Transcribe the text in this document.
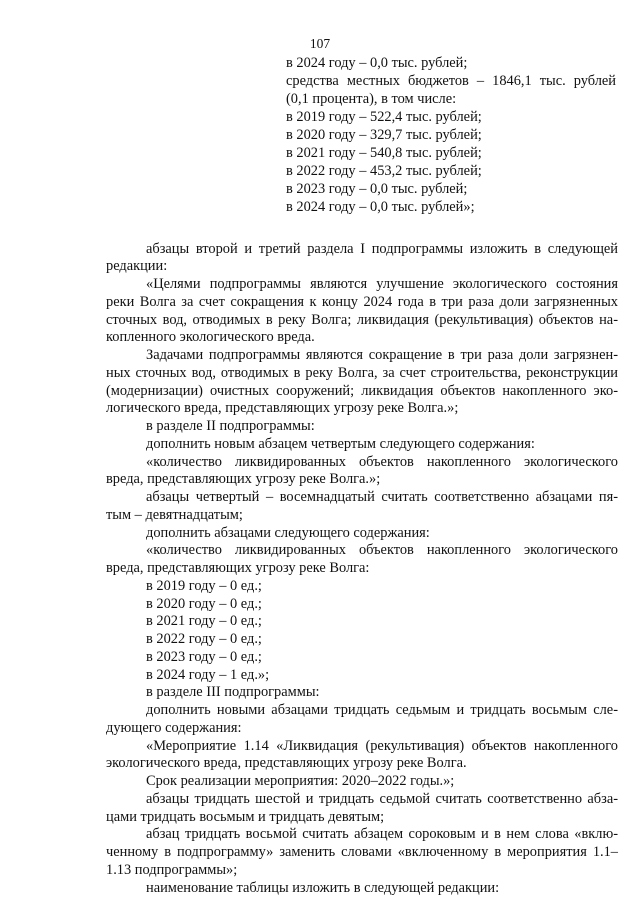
107
в 2024 году – 0,0 тыс. рублей;
средства местных бюджетов – 1846,1 тыс. рублей
(0,1 процента), в том числе:
в 2019 году – 522,4 тыс. рублей;
в 2020 году – 329,7 тыс. рублей;
в 2021 году – 540,8 тыс. рублей;
в 2022 году – 453,2 тыс. рублей;
в 2023 году – 0,0 тыс. рублей;
в 2024 году – 0,0 тыс. рублей»;
абзацы второй и третий раздела I подпрограммы изложить в следующей
редакции:
«Целями подпрограммы являются улучшение экологического состояния
реки Волга за счет сокращения к концу 2024 года в три раза доли загрязненных
сточных вод, отводимых в реку Волга; ликвидация (рекультивация) объектов на-
копленного экологического вреда.
Задачами подпрограммы являются сокращение в три раза доли загрязнен-
ных сточных вод, отводимых в реку Волга, за счет строительства, реконструкции
(модернизации) очистных сооружений; ликвидация объектов накопленного эко-
логического вреда, представляющих угрозу реке Волга.»;
в разделе II подпрограммы:
дополнить новым абзацем четвертым следующего содержания:
«количество ликвидированных объектов накопленного экологического
вреда, представляющих угрозу реке Волга.»;
абзацы четвертый – восемнадцатый считать соответственно абзацами пя-
тым – девятнадцатым;
дополнить абзацами следующего содержания:
«количество ликвидированных объектов накопленного экологического
вреда, представляющих угрозу реке Волга:
в 2019 году – 0 ед.;
в 2020 году – 0 ед.;
в 2021 году – 0 ед.;
в 2022 году – 0 ед.;
в 2023 году – 0 ед.;
в 2024 году – 1 ед.»;
в разделе III подпрограммы:
дополнить новыми абзацами тридцать седьмым и тридцать восьмым сле-
дующего содержания:
«Мероприятие 1.14 «Ликвидация (рекультивация) объектов накопленного
экологического вреда, представляющих угрозу реке Волга.
Срок реализации мероприятия: 2020–2022 годы.»;
абзацы тридцать шестой и тридцать седьмой считать соответственно абза-
цами тридцать восьмым и тридцать девятым;
абзац тридцать восьмой считать абзацем сороковым и в нем слова «вклю-
ченному в подпрограмму» заменить словами «включенному в мероприятия 1.1–
1.13 подпрограммы»;
наименование таблицы изложить в следующей редакции:
